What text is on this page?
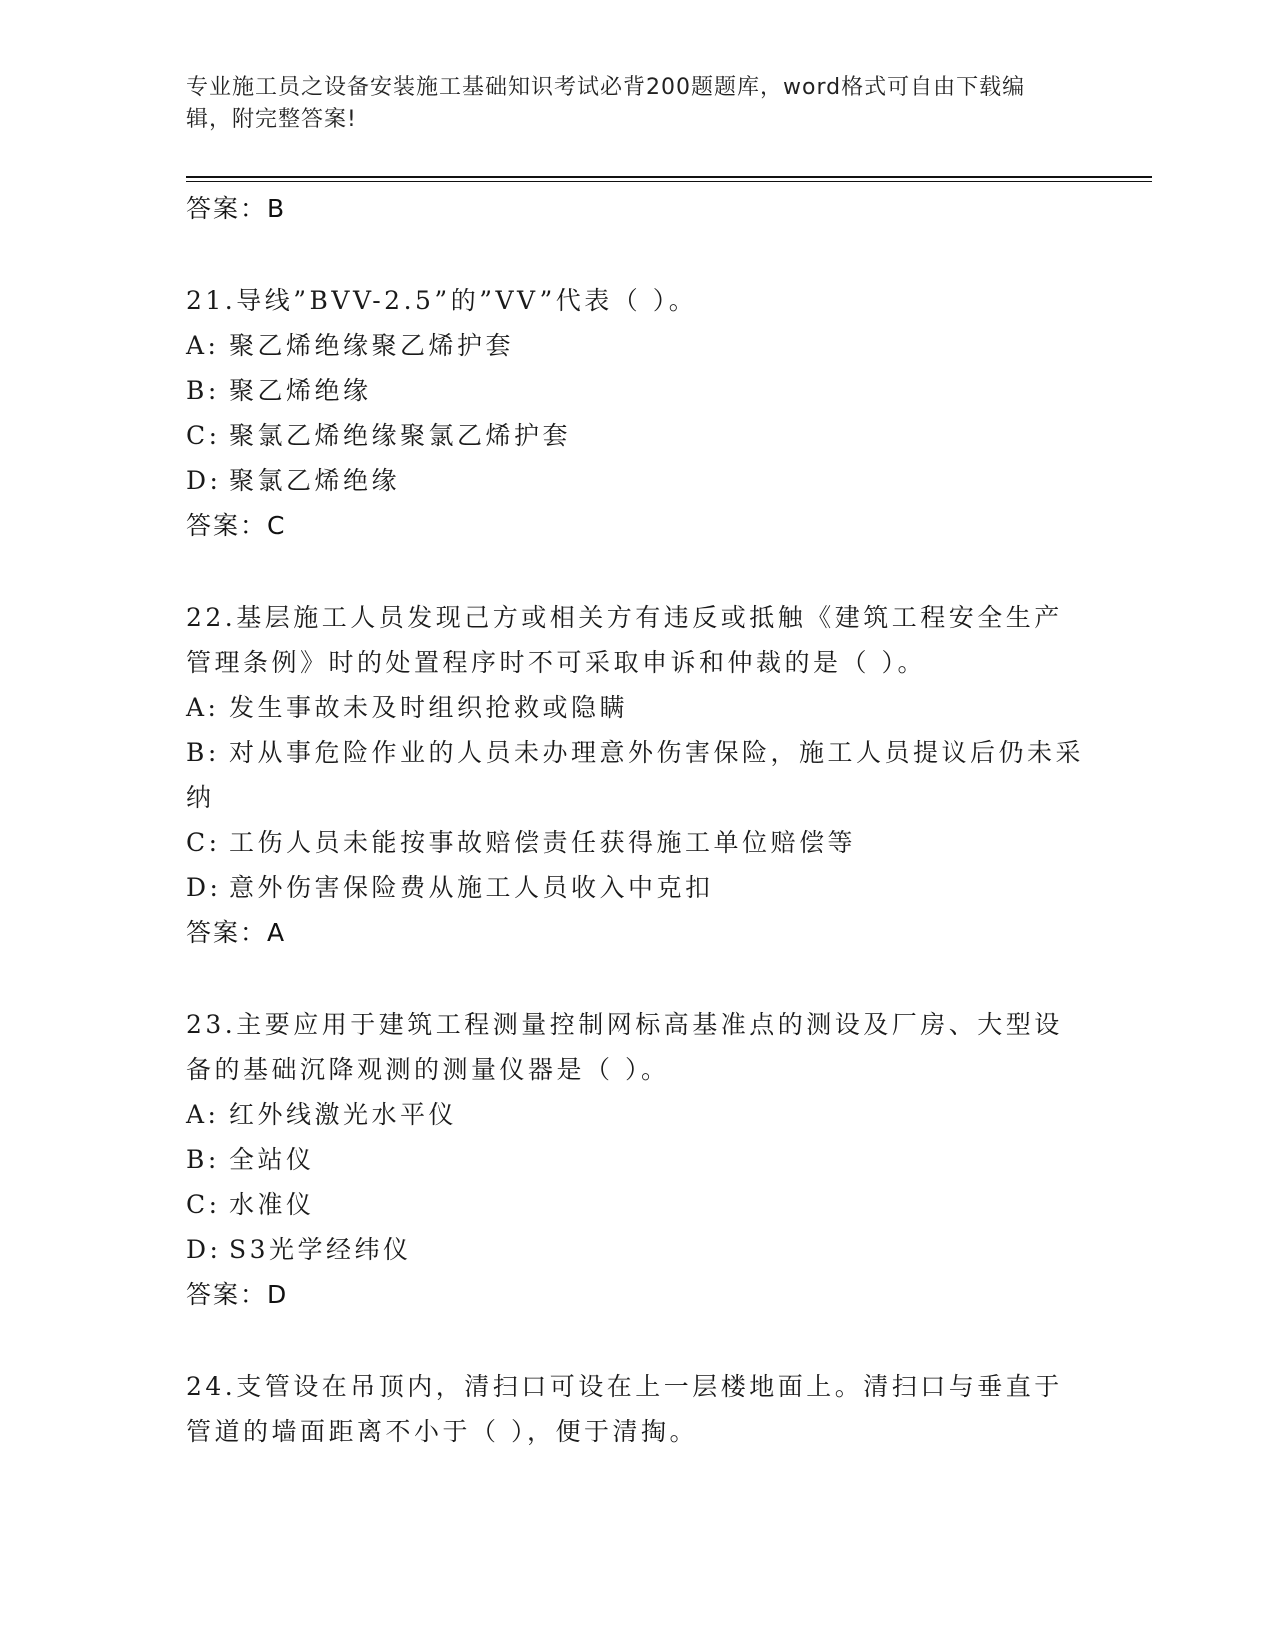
专业施工员之设备安装施工基础知识考试必背200题题库，word格式可自由下载编辑，附完整答案!
答案：B
21.导线”BVV-2.5”的”VV”代表（ ）。
A: 聚乙烯绝缘聚乙烯护套
B: 聚乙烯绝缘
C: 聚氯乙烯绝缘聚氯乙烯护套
D: 聚氯乙烯绝缘
答案：C
22.基层施工人员发现己方或相关方有违反或抵触《建筑工程安全生产管理条例》时的处置程序时不可采取申诉和仲裁的是（ ）。
A: 发生事故未及时组织抢救或隐瞒
B: 对从事危险作业的人员未办理意外伤害保险，施工人员提议后仍未采纳
C: 工伤人员未能按事故赔偿责任获得施工单位赔偿等
D: 意外伤害保险费从施工人员收入中克扣
答案：A
23.主要应用于建筑工程测量控制网标高基准点的测设及厂房、大型设备的基础沉降观测的测量仪器是（ ）。
A: 红外线激光水平仪
B: 全站仪
C: 水准仪
D: S3光学经纬仪
答案：D
24.支管设在吊顶内，清扫口可设在上一层楼地面上。清扫口与垂直于管道的墙面距离不小于（ ），便于清掏。
